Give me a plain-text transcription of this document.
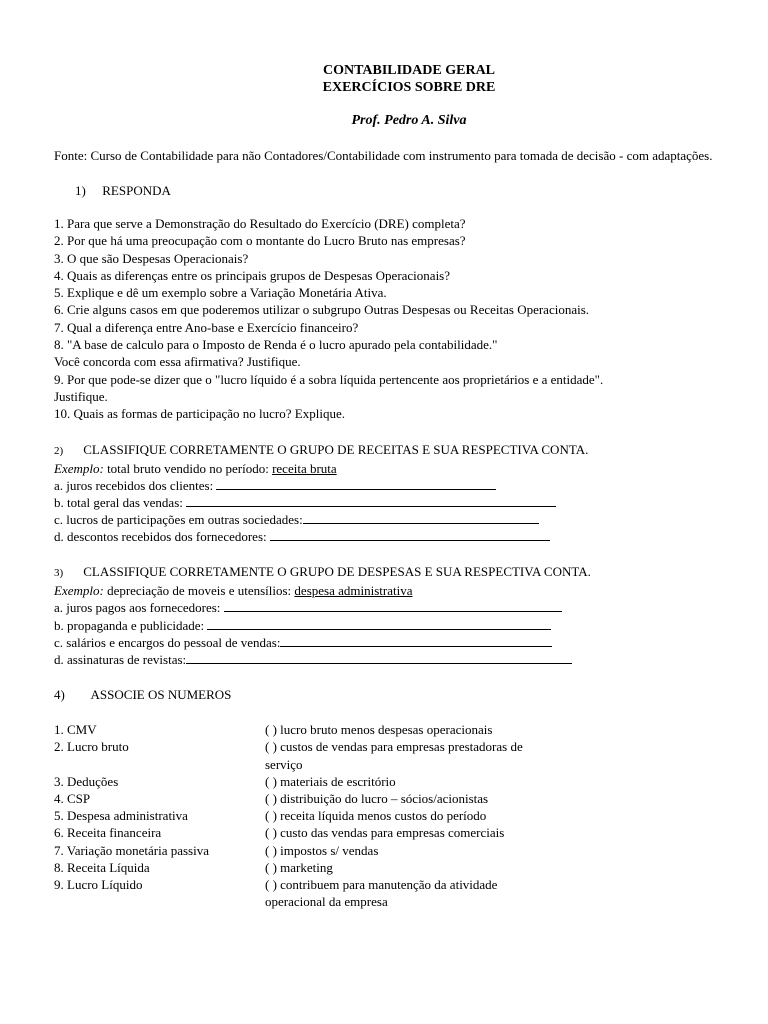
CONTABILIDADE GERAL
EXERCÍCIOS SOBRE DRE
Prof. Pedro A. Silva
Fonte: Curso de Contabilidade para não Contadores/Contabilidade com instrumento para tomada de decisão - com adaptações.
1) RESPONDA
1. Para que serve a Demonstração do Resultado do Exercício (DRE) completa?
2. Por que há uma preocupação com o montante do Lucro Bruto nas empresas?
3. O que são Despesas Operacionais?
4. Quais as diferenças entre os principais grupos de Despesas Operacionais?
5. Explique e dê um exemplo sobre a Variação Monetária Ativa.
6. Crie alguns casos em que poderemos utilizar o subgrupo Outras Despesas ou Receitas Operacionais.
7. Qual a diferença entre Ano-base e Exercício financeiro?
8. "A base de calculo para o Imposto de Renda é o lucro apurado pela contabilidade."
Você concorda com essa afirmativa? Justifique.
9. Por que pode-se dizer que o "lucro líquido é a sobra líquida pertencente aos proprietários e a entidade".
Justifique.
10. Quais as formas de participação no lucro? Explique.
2) CLASSIFIQUE CORRETAMENTE O GRUPO DE RECEITAS E SUA RESPECTIVA CONTA.
Exemplo: total bruto vendido no período: receita bruta
a. juros recebidos dos clientes:
b. total geral das vendas:
c. lucros de participações em outras sociedades:
d. descontos recebidos dos fornecedores:
3) CLASSIFIQUE CORRETAMENTE O GRUPO DE DESPESAS E SUA RESPECTIVA CONTA.
Exemplo: depreciação de moveis e utensílios: despesa administrativa
a. juros pagos aos fornecedores:
b. propaganda e publicidade:
c. salários e encargos do pessoal de vendas:
d. assinaturas de revistas:
4) ASSOCIE OS NUMEROS
1. CMV	( ) lucro bruto menos despesas operacionais
2. Lucro bruto	( ) custos de vendas para empresas prestadoras de
serviço
3. Deduções	( ) materiais de escritório
4. CSP	( ) distribuição do lucro – sócios/acionistas
5. Despesa administrativa	( ) receita líquida menos custos do período
6. Receita financeira	( ) custo das vendas para empresas comerciais
7. Variação monetária passiva	( ) impostos s/ vendas
8. Receita Líquida	( ) marketing
9. Lucro Líquido	( ) contribuem para manutenção da atividade
operacional da empresa
